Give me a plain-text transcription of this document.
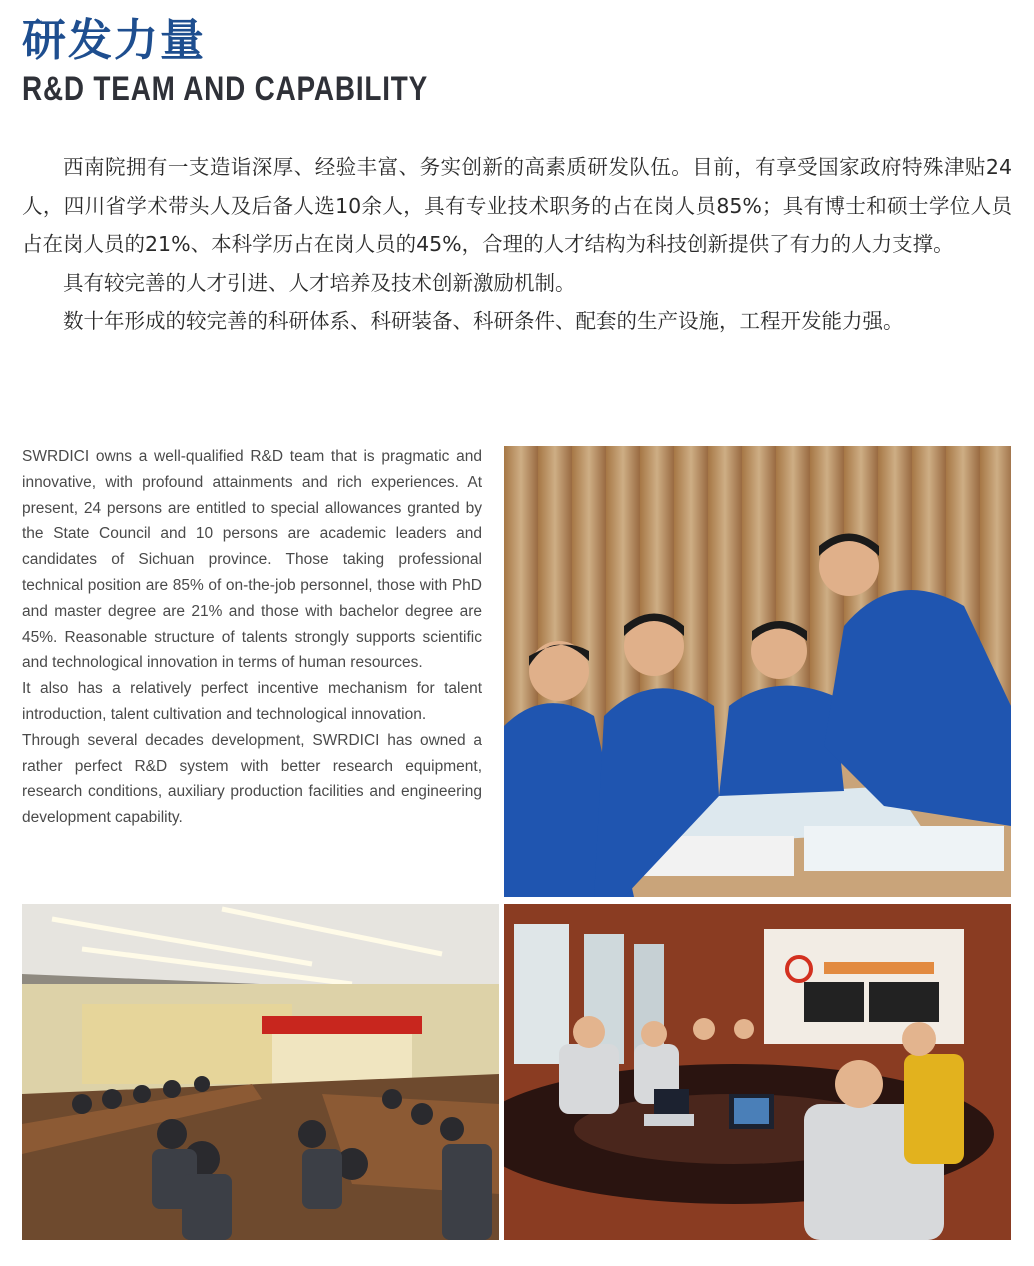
研发力量
R&D TEAM AND CAPABILITY

西南院拥有一支造诣深厚、经验丰富、务实创新的高素质研发队伍。目前，有享受国家政府特殊津贴24人，四川省学术带头人及后备人选10余人，具有专业技术职务的占在岗人员85%；具有博士和硕士学位人员占在岗人员的21%、本科学历占在岗人员的45%，合理的人才结构为科技创新提供了有力的人力支撑。

具有较完善的人才引进、人才培养及技术创新激励机制。

数十年形成的较完善的科研体系、科研装备、科研条件、配套的生产设施，工程开发能力强。

SWRDICI owns a well-qualified R&D team that is pragmatic and innovative, with profound attainments and rich experiences. At present, 24 persons are entitled to special allowances granted by the State Council and 10 persons are academic leaders and candidates of Sichuan province. Those taking professional technical position are 85% of on-the-job personnel, those with PhD and master degree are 21% and those with bachelor degree are 45%. Reasonable structure of talents strongly supports scientific and technological innovation in terms of human resources.

It also has a relatively perfect incentive mechanism for talent introduction, talent cultivation and technological innovation.

Through several decades development, SWRDICI has owned a rather perfect R&D system with better research equipment, research conditions, auxiliary production facilities and engineering development capability.
